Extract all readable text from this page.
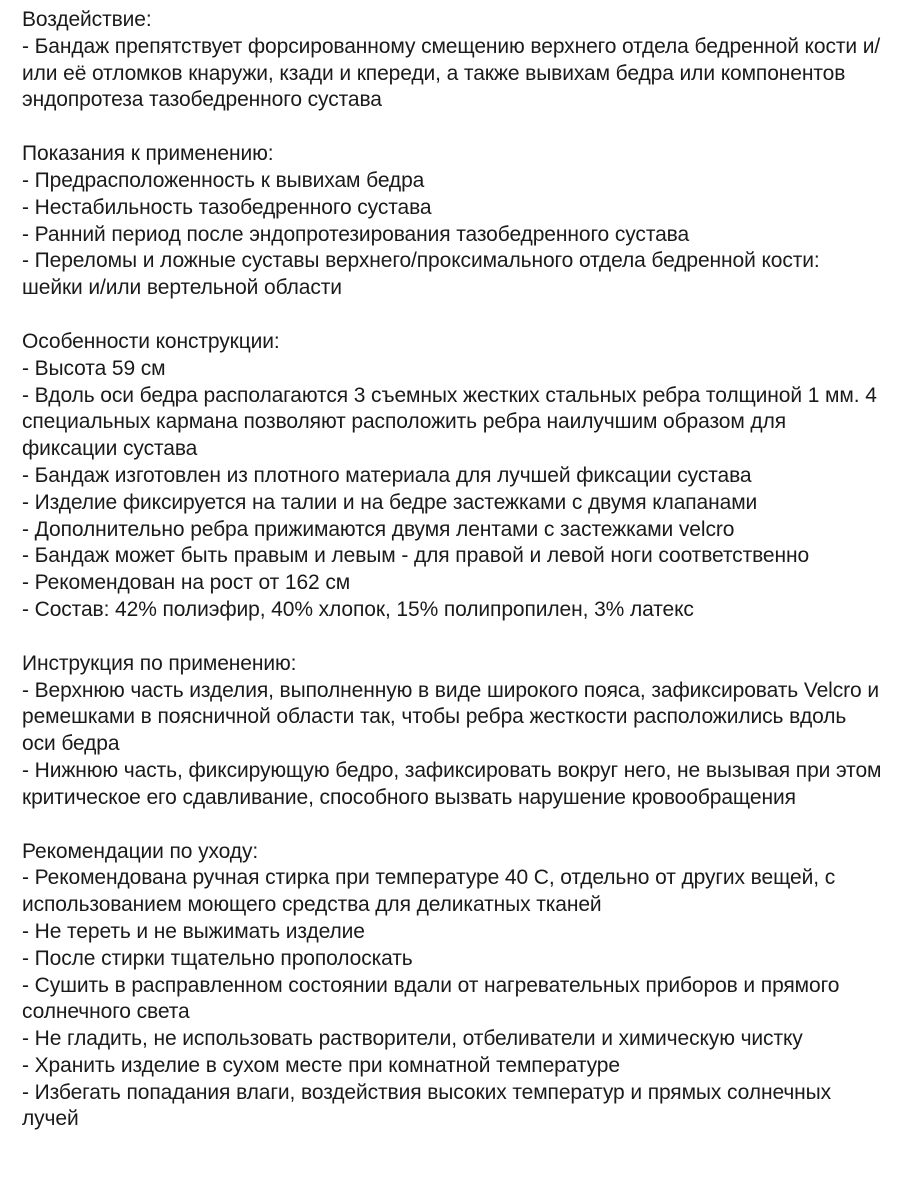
Воздействие:
- Бандаж препятствует форсированному смещению верхнего отдела бедренной кости и/или её отломков кнаружи, кзади и кпереди, а также вывихам бедра или компонентов эндопротеза тазобедренного сустава
Показания к применению:
- Предрасположенность к вывихам бедра
- Нестабильность тазобедренного сустава
- Ранний период после эндопротезирования тазобедренного сустава
- Переломы и ложные суставы верхнего/проксимального отдела бедренной кости: шейки и/или вертельной области
Особенности конструкции:
- Высота 59 см
- Вдоль оси бедра располагаются 3 съемных жестких стальных ребра толщиной 1 мм. 4 специальных кармана позволяют расположить ребра наилучшим образом для фиксации сустава
- Бандаж изготовлен из плотного материала для лучшей фиксации сустава
- Изделие фиксируется на талии и на бедре застежками с двумя клапанами
- Дополнительно ребра прижимаются двумя лентами с застежками velcro
- Бандаж может быть правым и левым - для правой и левой ноги соответственно
- Рекомендован на рост от 162 см
- Состав: 42% полиэфир, 40% хлопок, 15% полипропилен, 3% латекс
Инструкция по применению:
- Верхнюю часть изделия, выполненную в виде широкого пояса, зафиксировать Velcro и ремешками в поясничной области так, чтобы ребра жесткости расположились вдоль оси бедра
- Нижнюю часть, фиксирующую бедро, зафиксировать вокруг него, не вызывая при этом критическое его сдавливание, способного вызвать нарушение кровообращения
Рекомендации по уходу:
- Рекомендована ручная стирка при температуре 40 С, отдельно от других вещей, с использованием моющего средства для деликатных тканей
- Не тереть и не выжимать изделие
- После стирки тщательно прополоскать
- Сушить в расправленном состоянии вдали от нагревательных приборов и прямого солнечного света
- Не гладить, не использовать растворители, отбеливатели и химическую чистку
- Хранить изделие в сухом месте при комнатной температуре
- Избегать попадания влаги, воздействия высоких температур и прямых солнечных лучей
